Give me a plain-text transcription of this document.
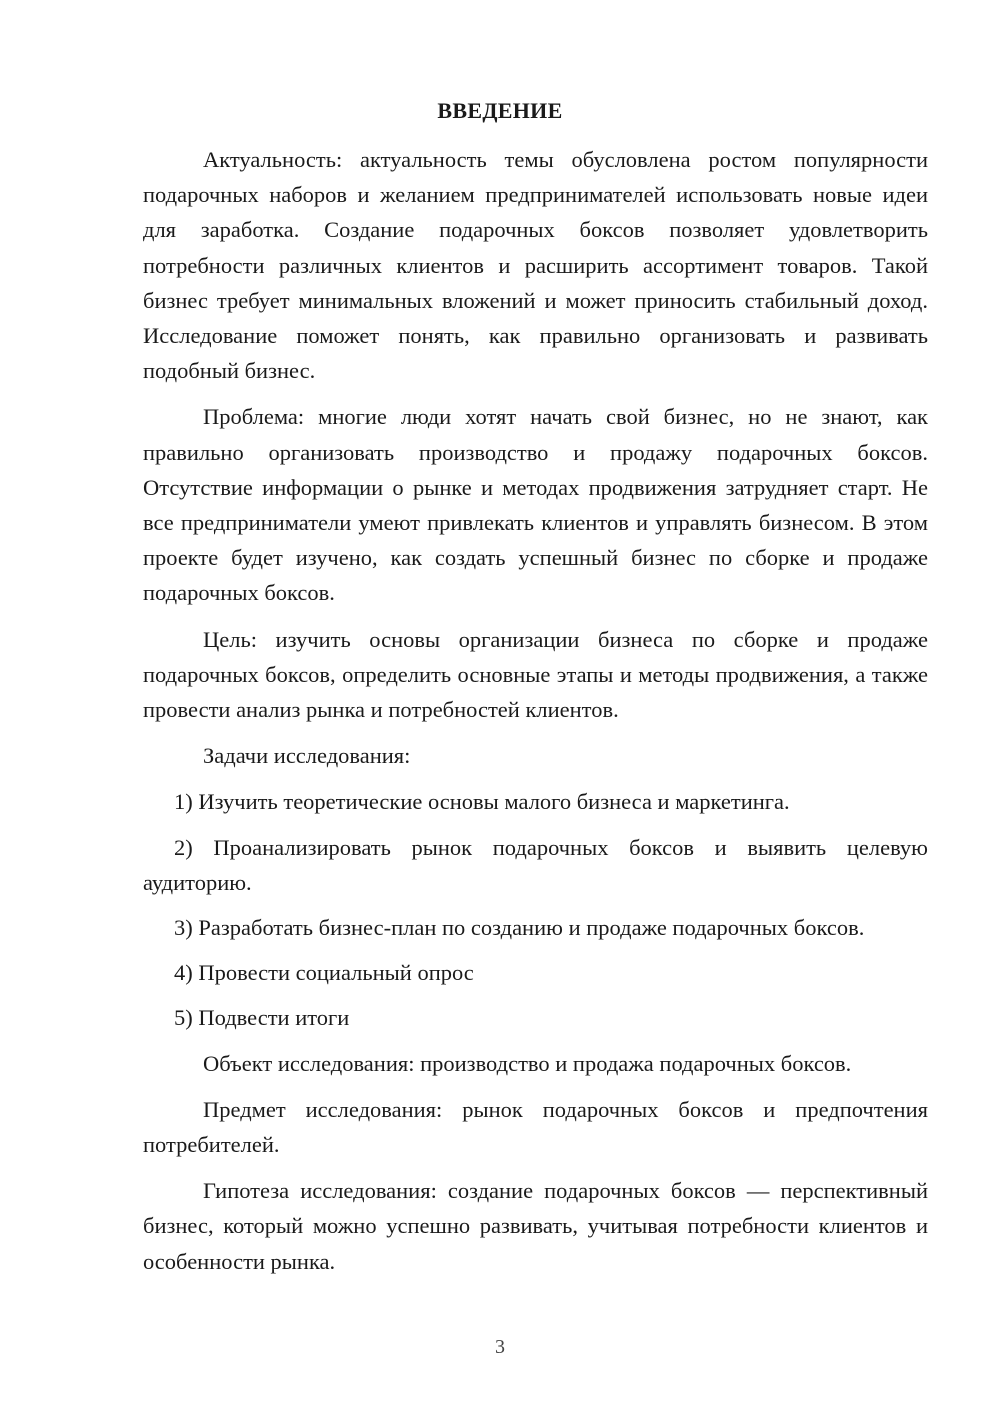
ВВЕДЕНИЕ

Актуальность: актуальность темы обусловлена ростом популярности подарочных наборов и желанием предпринимателей использовать новые идеи для заработка. Создание подарочных боксов позволяет удовлетворить потребности различных клиентов и расширить ассортимент товаров. Такой бизнес требует минимальных вложений и может приносить стабильный доход. Исследование поможет понять, как правильно организовать и развивать подобный бизнес.

Проблема: многие люди хотят начать свой бизнес, но не знают, как правильно организовать производство и продажу подарочных боксов. Отсутствие информации о рынке и методах продвижения затрудняет старт. Не все предприниматели умеют привлекать клиентов и управлять бизнесом. В этом проекте будет изучено, как создать успешный бизнес по сборке и продаже подарочных боксов.

Цель: изучить основы организации бизнеса по сборке и продаже подарочных боксов, определить основные этапы и методы продвижения, а также провести анализ рынка и потребностей клиентов.

Задачи исследования:

1) Изучить теоретические основы малого бизнеса и маркетинга.

2) Проанализировать рынок подарочных боксов и выявить целевую аудиторию.

3) Разработать бизнес-план по созданию и продаже подарочных боксов.

4) Провести социальный опрос

5) Подвести итоги

Объект исследования: производство и продажа подарочных боксов.

Предмет исследования: рынок подарочных боксов и предпочтения потребителей.

Гипотеза исследования: создание подарочных боксов — перспективный бизнес, который можно успешно развивать, учитывая потребности клиентов и особенности рынка.

3
